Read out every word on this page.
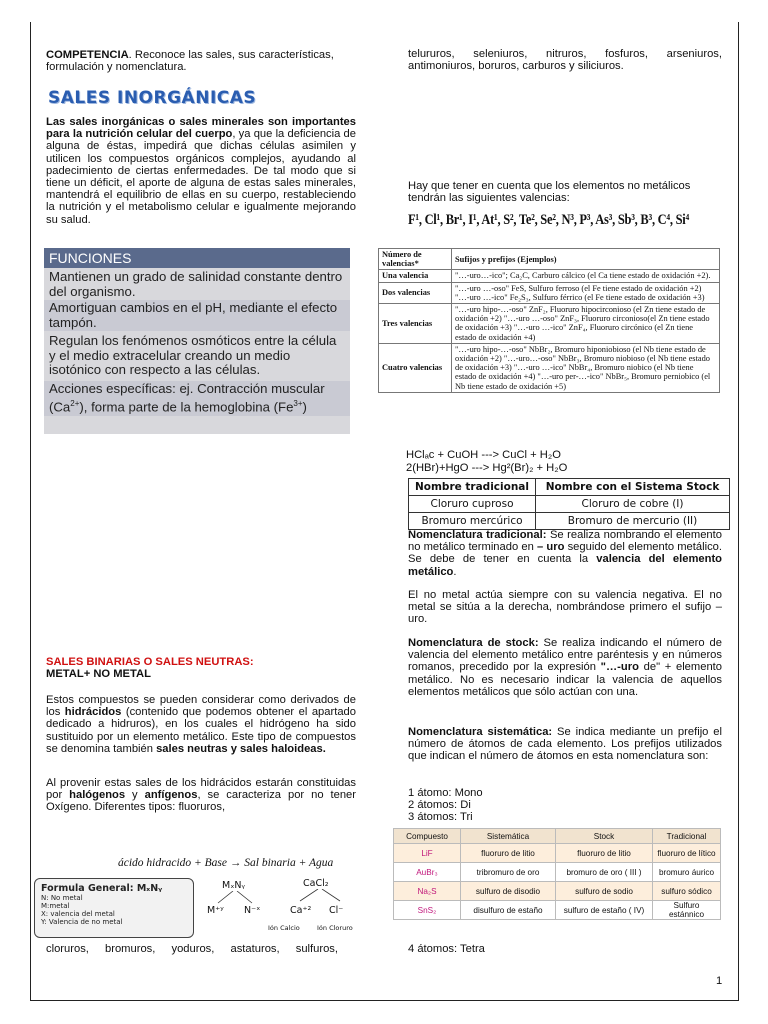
COMPETENCIA. Reconoce las sales, sus características, formulación y nomenclatura.
SALES INORGÁNICAS
Las sales inorgánicas o sales minerales son importantes para la nutrición celular del cuerpo, ya que la deficiencia de alguna de éstas, impedirá que dichas células asimilen y utilicen los compuestos orgánicos complejos, ayudando al padecimiento de ciertas enfermedades. De tal modo que si tiene un déficit, el aporte de alguna de estas sales minerales, mantendrá el equilibrio de ellas en su cuerpo, restableciendo la nutrición y el metabolismo celular e igualmente mejorando su salud.
FUNCIONES
Mantienen un grado de salinidad constante dentro del organismo.
Amortiguan cambios en el pH, mediante el efecto tampón.
Regulan los fenómenos osmóticos entre la célula y el medio extracelular creando un medio isotónico con respecto a las células.
Acciones específicas: ej. Contracción muscular $(Ca^{2+})$, forma parte de la hemoglobina $(Fe^{3+})$
SALES BINARIAS O SALES NEUTRAS:
METAL+ NO METAL
Estos compuestos se pueden considerar como derivados de los hidrácidos (contenido que podemos obtener el apartado dedicado a hidruros), en los cuales el hidrógeno ha sido sustituido por un elemento metálico. Este tipo de compuestos se denomina también sales neutras y sales haloideas.
Al provenir estas sales de los hidrácidos estarán constituidas por halógenos y anfígenos, se caracteriza por no tener Oxígeno. Diferentes tipos: fluoruros,
ácido hidracido + Base → Sal binaria + Agua
Formula General: MₓNᵧ
N: No metal
M:metal
X: valencia del metal
Y: Valencia de no metal
MₓNᵧ
M⁺ʸ N⁻ˣ
CaCl₂
Ca⁺² Cl⁻
Ión Calcio	Ión Cloruro
cloruros, bromuros, yoduros, astaturos, sulfuros,
telururos, seleniuros, nitruros, fosfuros, arseniuros, antimoniuros, boruros, carburos y siliciuros.
Hay que tener en cuenta que los elementos no metálicos tendrán las siguientes valencias:
F¹, Cl¹, Br¹, I¹, At¹, S², Te², Se², N³, P³, As³, Sb³, B³, C⁴, Si⁴
Número de valencias*	Sufijos y prefijos (Ejemplos)
Una valencia	"…-uro…-ico"; Ca₂C, Carburo cálcico (el Ca tiene estado de oxidación +2).
Dos valencias	"…-uro …-oso" FeS, Sulfuro ferroso (el Fe tiene estado de oxidación +2) "…-uro …-ico" Fe₂S₃, Sulfuro férrico (el Fe tiene estado de oxidación +3)
Tres valencias	"…-uro hipo-…-oso" ZnF₂, Fluoruro hipocirconioso (el Zn tiene estado de oxidación +2) "…-uro …-oso" ZnF₃, Fluoruro circonioso(el Zn tiene estado de oxidación +3) "…-uro …-ico" ZnF₄, Fluoruro circónico (el Zn tiene estado de oxidación +4)
Cuatro valencias	"…-uro hipo-…-oso" NbBr₂, Bromuro hiponiobioso (el Nb tiene estado de oxidación +2) "…-uro…-oso" NbBr₃, Bromuro niobioso (el Nb tiene estado de oxidación +3) "…-uro …-ico" NbBr₄, Bromuro niobico (el Nb tiene estado de oxidación +4) "…-uro per-…-ico" NbBr₅, Bromuro perniobico (el Nb tiene estado de oxidación +5)
HClₐc + CuOH ---> CuCl + H₂O
2(HBr)+HgO ---> Hg²(Br)₂ + H₂O
Nombre tradicional	Nombre con el Sistema Stock
Cloruro cuproso	Cloruro de cobre (I)
Bromuro mercúrico	Bromuro de mercurio (II)
Nomenclatura tradicional: Se realiza nombrando el elemento no metálico terminado en – uro seguido del elemento metálico. Se debe de tener en cuenta la valencia del elemento metálico.
El no metal actúa siempre con su valencia negativa. El no metal se sitúa a la derecha, nombrándose primero el sufijo –uro.
Nomenclatura de stock: Se realiza indicando el número de valencia del elemento metálico entre paréntesis y en números romanos, precedido por la expresión "…-uro de" + elemento metálico. No es necesario indicar la valencia de aquellos elementos metálicos que sólo actúan con una.
Nomenclatura sistemática: Se indica mediante un prefijo el número de átomos de cada elemento. Los prefijos utilizados que indican el número de átomos en esta nomenclatura son:
1 átomo: Mono
2 átomos: Di
3 átomos: Tri
Compuesto	Sistemática	Stock	Tradicional
LiF	fluoruro de litio	fluoruro de litio	fluoruro de lítico
AuBr₃	tribromuro de oro	bromuro de oro ( III )	bromuro áurico
Na₂S	sulfuro de disodio	sulfuro de sodio	sulfuro sódico
SnS₂	disulfuro de estaño	sulfuro de estaño ( IV)	Sulfuro estánnico
4 átomos: Tetra
1
